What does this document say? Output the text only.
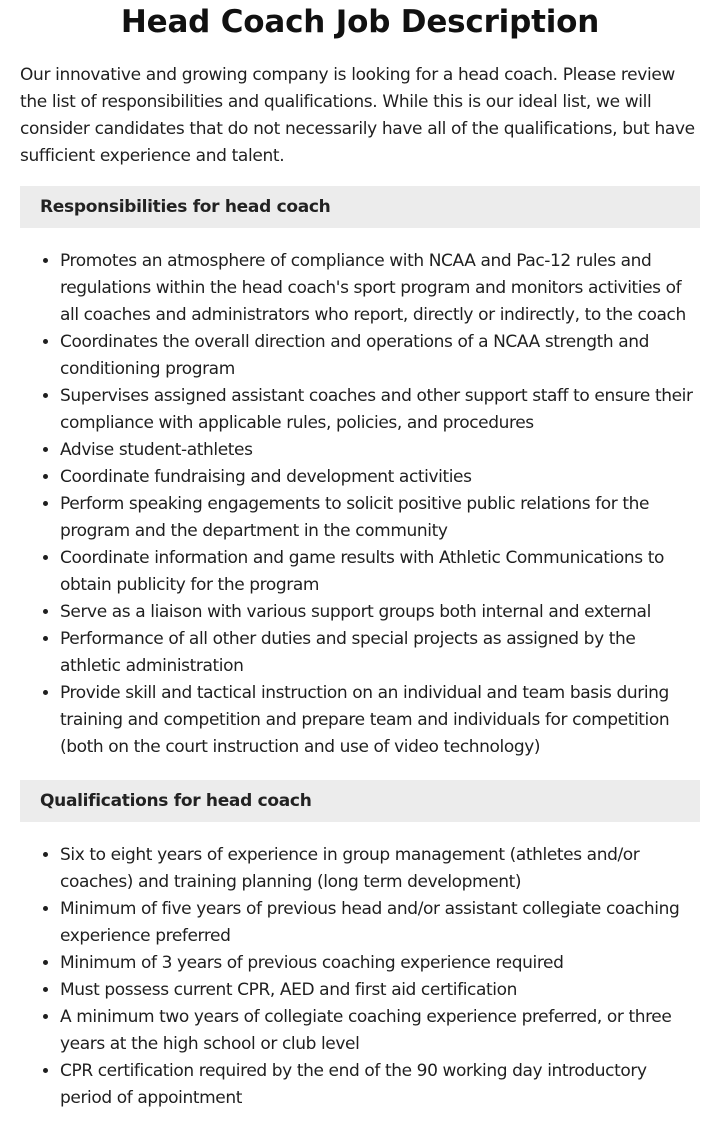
Head Coach Job Description

Our innovative and growing company is looking for a head coach. Please review the list of responsibilities and qualifications. While this is our ideal list, we will consider candidates that do not necessarily have all of the qualifications, but have sufficient experience and talent.

Responsibilities for head coach
• Promotes an atmosphere of compliance with NCAA and Pac-12 rules and regulations within the head coach's sport program and monitors activities of all coaches and administrators who report, directly or indirectly, to the coach
• Coordinates the overall direction and operations of a NCAA strength and conditioning program
• Supervises assigned assistant coaches and other support staff to ensure their compliance with applicable rules, policies, and procedures
• Advise student-athletes
• Coordinate fundraising and development activities
• Perform speaking engagements to solicit positive public relations for the program and the department in the community
• Coordinate information and game results with Athletic Communications to obtain publicity for the program
• Serve as a liaison with various support groups both internal and external
• Performance of all other duties and special projects as assigned by the athletic administration
• Provide skill and tactical instruction on an individual and team basis during training and competition and prepare team and individuals for competition (both on the court instruction and use of video technology)
Qualifications for head coach
• Six to eight years of experience in group management (athletes and/or coaches) and training planning (long term development)
• Minimum of five years of previous head and/or assistant collegiate coaching experience preferred
• Minimum of 3 years of previous coaching experience required
• Must possess current CPR, AED and first aid certification
• A minimum two years of collegiate coaching experience preferred, or three years at the high school or club level
• CPR certification required by the end of the 90 working day introductory period of appointment
